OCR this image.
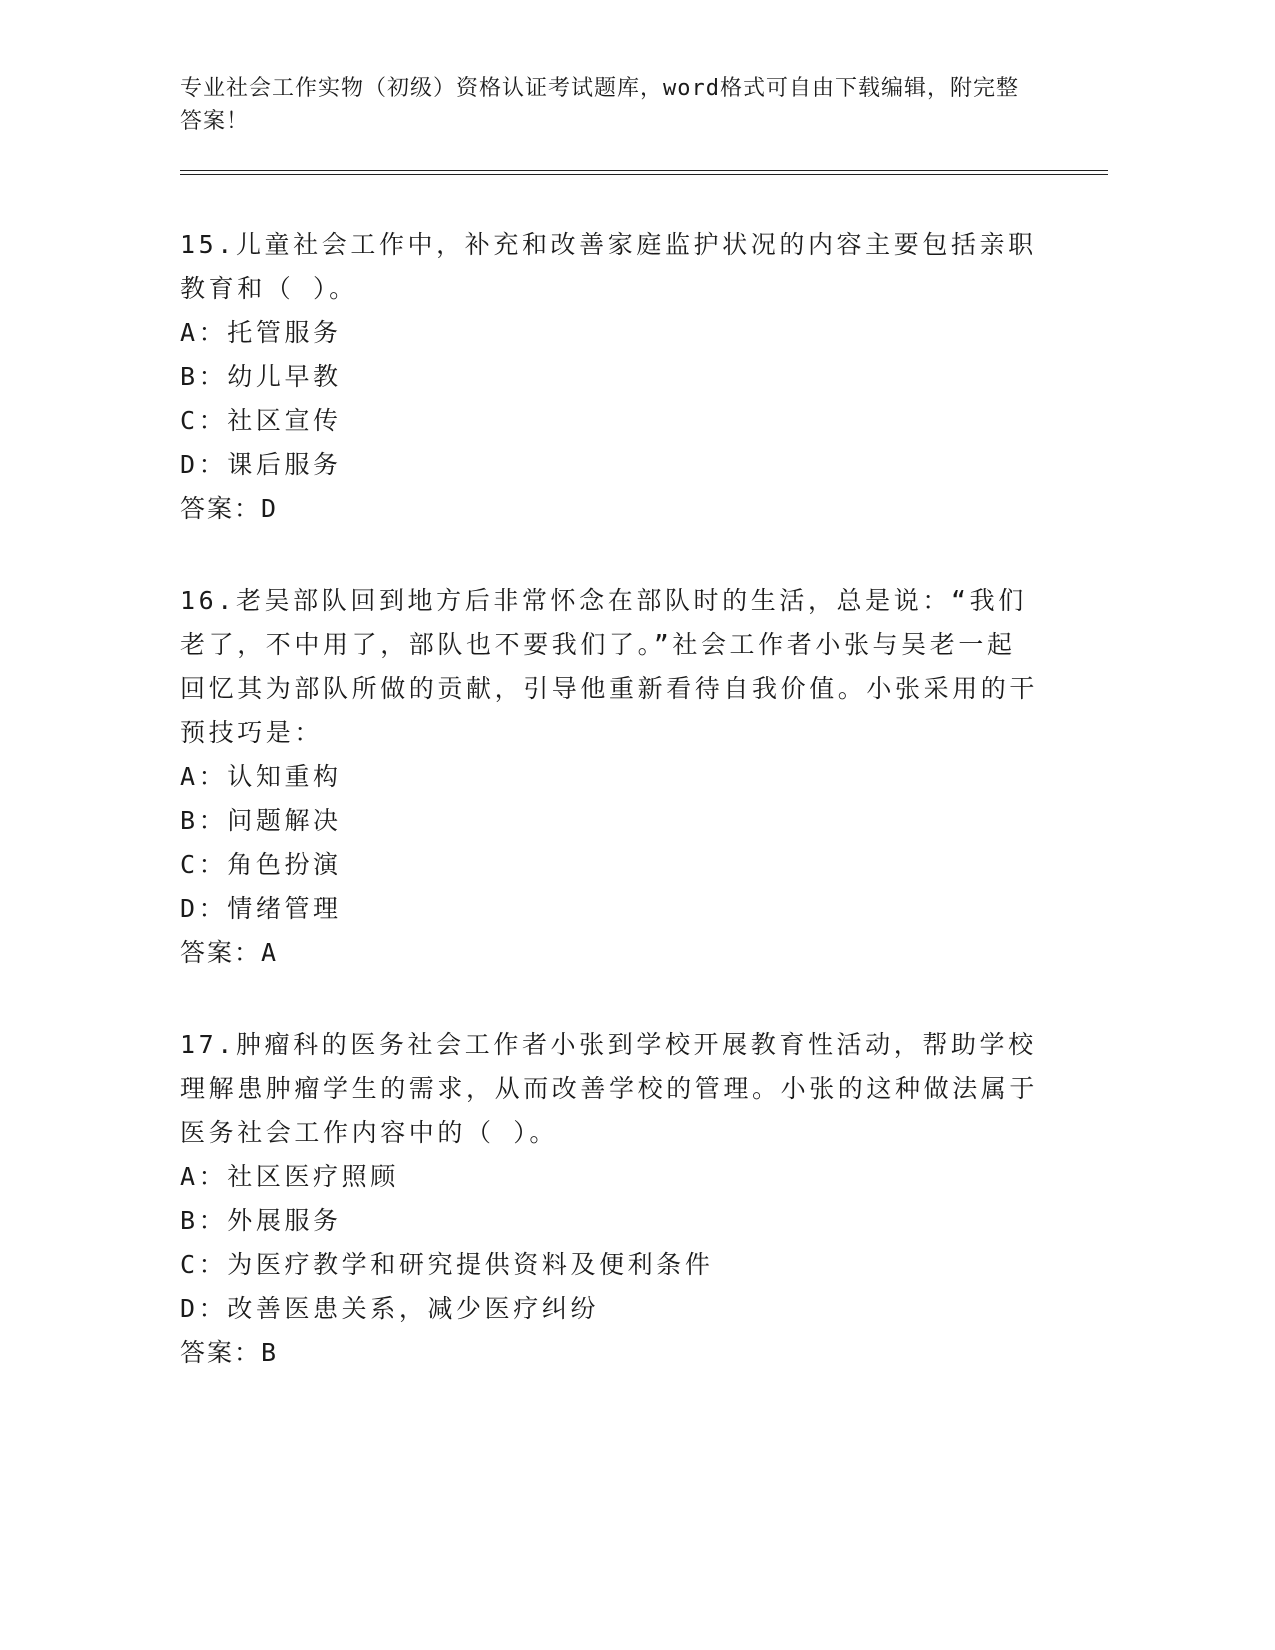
专业社会工作实物（初级）资格认证考试题库，word格式可自由下载编辑，附完整答案！
15.儿童社会工作中，补充和改善家庭监护状况的内容主要包括亲职教育和（ ）。
A：托管服务
B：幼儿早教
C：社区宣传
D：课后服务
答案：D
16.老吴部队回到地方后非常怀念在部队时的生活，总是说：“我们老了，不中用了，部队也不要我们了。”社会工作者小张与吴老一起回忆其为部队所做的贡献，引导他重新看待自我价值。小张采用的干预技巧是：
A：认知重构
B：问题解决
C：角色扮演
D：情绪管理
答案：A
17.肿瘤科的医务社会工作者小张到学校开展教育性活动，帮助学校理解患肿瘤学生的需求，从而改善学校的管理。小张的这种做法属于医务社会工作内容中的（ ）。
A：社区医疗照顾
B：外展服务
C：为医疗教学和研究提供资料及便利条件
D：改善医患关系，减少医疗纠纷
答案：B
